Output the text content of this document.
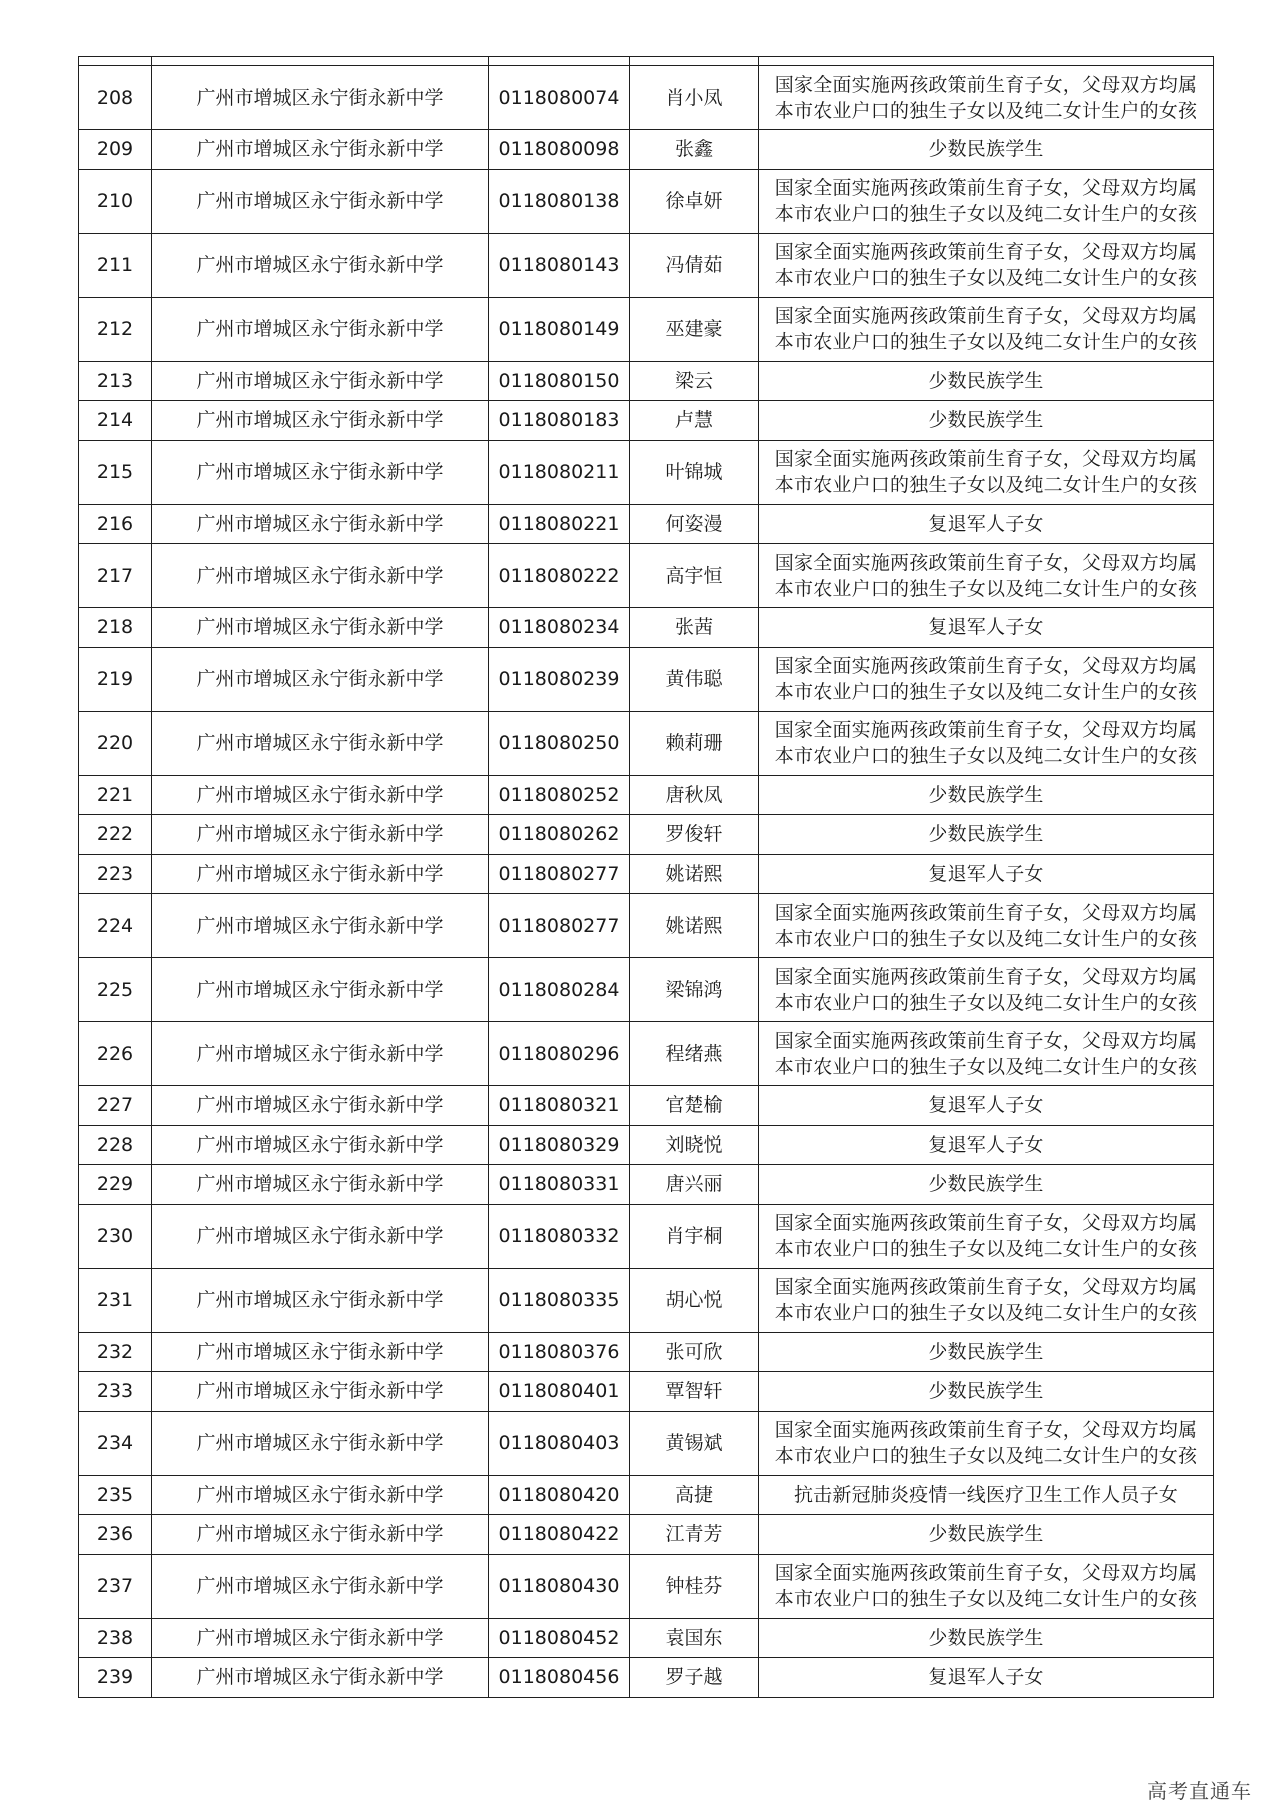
208	广州市增城区永宁街永新中学	0118080074	肖小凤	国家全面实施两孩政策前生育子女，父母双方均属本市农业户口的独生子女以及纯二女计生户的女孩
209	广州市增城区永宁街永新中学	0118080098	张鑫	少数民族学生
210	广州市增城区永宁街永新中学	0118080138	徐卓妍	国家全面实施两孩政策前生育子女，父母双方均属本市农业户口的独生子女以及纯二女计生户的女孩
211	广州市增城区永宁街永新中学	0118080143	冯倩茹	国家全面实施两孩政策前生育子女，父母双方均属本市农业户口的独生子女以及纯二女计生户的女孩
212	广州市增城区永宁街永新中学	0118080149	巫建豪	国家全面实施两孩政策前生育子女，父母双方均属本市农业户口的独生子女以及纯二女计生户的女孩
213	广州市增城区永宁街永新中学	0118080150	梁云	少数民族学生
214	广州市增城区永宁街永新中学	0118080183	卢慧	少数民族学生
215	广州市增城区永宁街永新中学	0118080211	叶锦城	国家全面实施两孩政策前生育子女，父母双方均属本市农业户口的独生子女以及纯二女计生户的女孩
216	广州市增城区永宁街永新中学	0118080221	何姿漫	复退军人子女
217	广州市增城区永宁街永新中学	0118080222	高宇恒	国家全面实施两孩政策前生育子女，父母双方均属本市农业户口的独生子女以及纯二女计生户的女孩
218	广州市增城区永宁街永新中学	0118080234	张茜	复退军人子女
219	广州市增城区永宁街永新中学	0118080239	黄伟聪	国家全面实施两孩政策前生育子女，父母双方均属本市农业户口的独生子女以及纯二女计生户的女孩
220	广州市增城区永宁街永新中学	0118080250	赖莉珊	国家全面实施两孩政策前生育子女，父母双方均属本市农业户口的独生子女以及纯二女计生户的女孩
221	广州市增城区永宁街永新中学	0118080252	唐秋凤	少数民族学生
222	广州市增城区永宁街永新中学	0118080262	罗俊轩	少数民族学生
223	广州市增城区永宁街永新中学	0118080277	姚诺熙	复退军人子女
224	广州市增城区永宁街永新中学	0118080277	姚诺熙	国家全面实施两孩政策前生育子女，父母双方均属本市农业户口的独生子女以及纯二女计生户的女孩
225	广州市增城区永宁街永新中学	0118080284	梁锦鸿	国家全面实施两孩政策前生育子女，父母双方均属本市农业户口的独生子女以及纯二女计生户的女孩
226	广州市增城区永宁街永新中学	0118080296	程绪燕	国家全面实施两孩政策前生育子女，父母双方均属本市农业户口的独生子女以及纯二女计生户的女孩
227	广州市增城区永宁街永新中学	0118080321	官楚榆	复退军人子女
228	广州市增城区永宁街永新中学	0118080329	刘晓悦	复退军人子女
229	广州市增城区永宁街永新中学	0118080331	唐兴丽	少数民族学生
230	广州市增城区永宁街永新中学	0118080332	肖宇桐	国家全面实施两孩政策前生育子女，父母双方均属本市农业户口的独生子女以及纯二女计生户的女孩
231	广州市增城区永宁街永新中学	0118080335	胡心悦	国家全面实施两孩政策前生育子女，父母双方均属本市农业户口的独生子女以及纯二女计生户的女孩
232	广州市增城区永宁街永新中学	0118080376	张可欣	少数民族学生
233	广州市增城区永宁街永新中学	0118080401	覃智轩	少数民族学生
234	广州市增城区永宁街永新中学	0118080403	黄锡斌	国家全面实施两孩政策前生育子女，父母双方均属本市农业户口的独生子女以及纯二女计生户的女孩
235	广州市增城区永宁街永新中学	0118080420	高捷	抗击新冠肺炎疫情一线医疗卫生工作人员子女
236	广州市增城区永宁街永新中学	0118080422	江青芳	少数民族学生
237	广州市增城区永宁街永新中学	0118080430	钟桂芬	国家全面实施两孩政策前生育子女，父母双方均属本市农业户口的独生子女以及纯二女计生户的女孩
238	广州市增城区永宁街永新中学	0118080452	袁国东	少数民族学生
239	广州市增城区永宁街永新中学	0118080456	罗子越	复退军人子女
高考直通车
